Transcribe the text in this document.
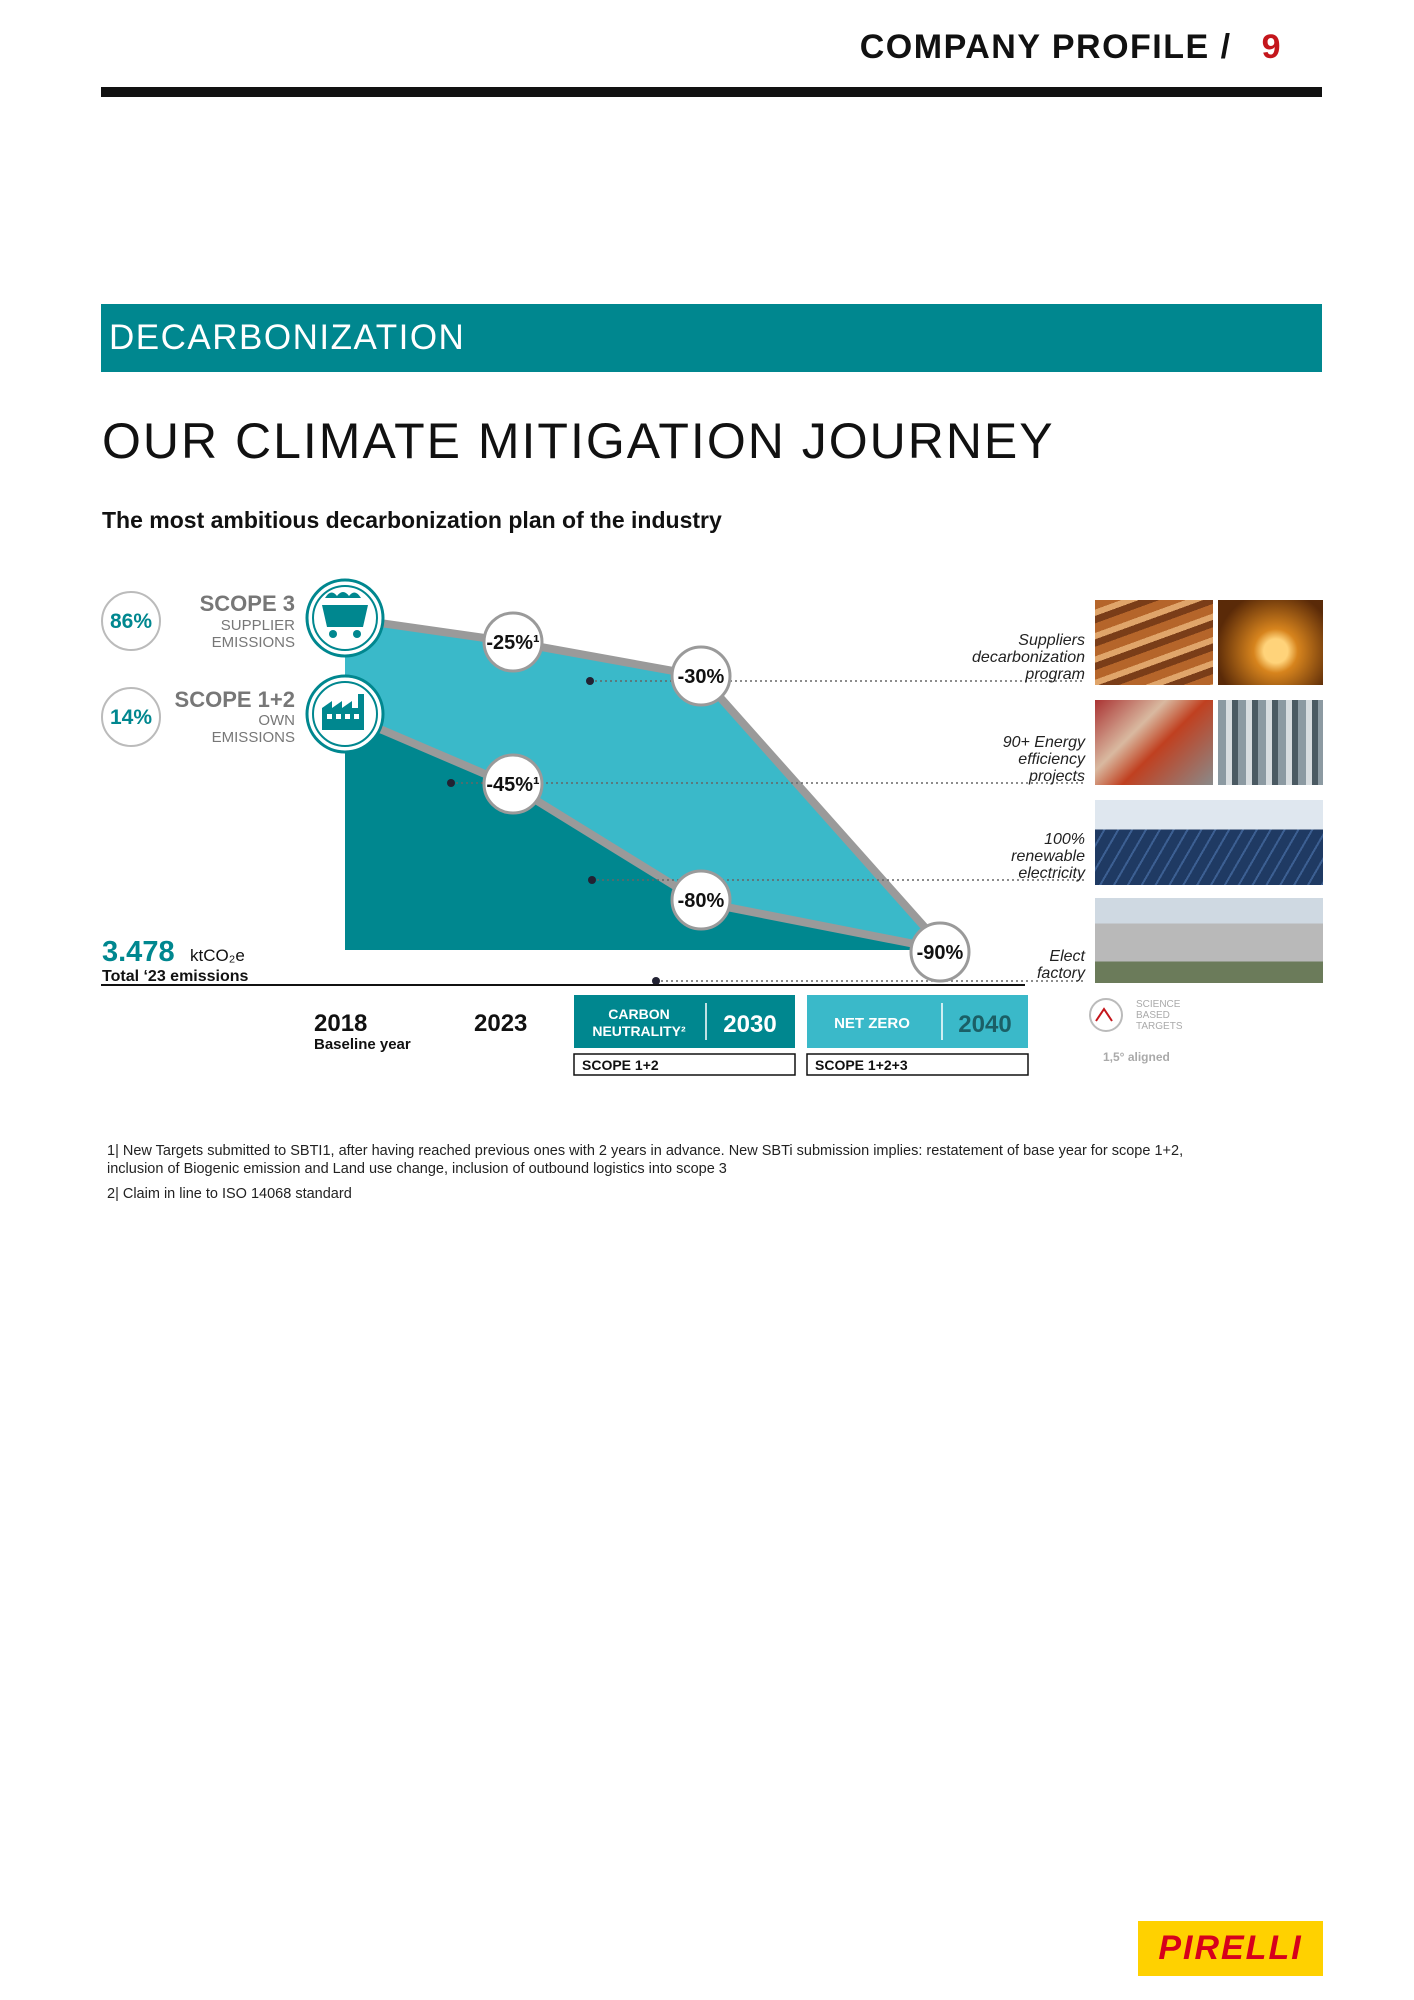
COMPANY PROFILE / 9
DECARBONIZATION
OUR CLIMATE MITIGATION JOURNEY
The most ambitious decarbonization plan of the industry
-25%¹
-30%
-45%¹
-80%
-90%
86%
14%
SCOPE 3
SUPPLIER
EMISSIONS
SCOPE 1+2
OWN
EMISSIONS
3.478 ktCO₂e
Total ‘23 emissions
2018
Baseline year
2023	CARBON
NEUTRALITY² 2030
SCOPE 1+2
NET ZERO 2040
SCOPE 1+2+3
SCIENCE
BASED
TARGETS
1,5° aligned
Suppliers
decarbonization
program
90+ Energy
efficiency
projects
100%
renewable
electricity
Elect
factory
1| New Targets submitted to SBTI1, after having reached previous ones with 2 years in advance. New SBTi submission implies: restatement of base year for scope 1+2,
inclusion of Biogenic emission and Land use change, inclusion of outbound logistics into scope 3
2| Claim in line to ISO 14068 standard
PIRELLI
